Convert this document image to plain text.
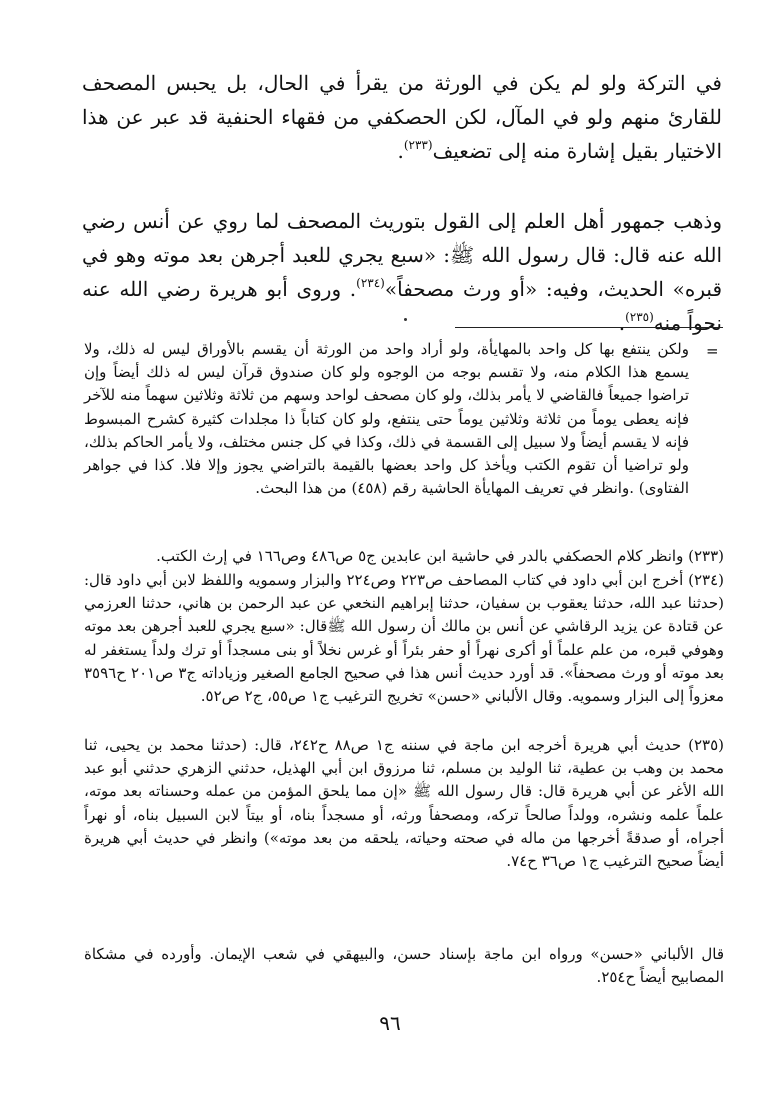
في التركة ولو لم يكن في الورثة من يقرأ في الحال، بل يحبس المصحف للقارئ منهم ولو في المآل، لكن الحصكفي من فقهاء الحنفية قد عبر عن هذا الاختيار بقيل إشارة منه إلى تضعيف$^{(٢٣٣)}$.
وذهب جمهور أهل العلم إلى القول بتوريث المصحف لما روي عن أنس رضي الله عنه قال: قال رسول الله ﷺ: «سبع يجري للعبد أجرهن بعد موته وهو في قبره» الحديث، وفيه: «أو ورث مصحفاً»$^{(٢٣٤)}$. وروى أبو هريرة رضي الله عنه نحواً منه$^{(٢٣٥)}$.
=
ولكن ينتفع بها كل واحد بالمهايأة، ولو أراد واحد من الورثة أن يقسم بالأوراق ليس له ذلك، ولا يسمع هذا الكلام منه، ولا تقسم بوجه من الوجوه ولو كان صندوق قرآن ليس له ذلك أيضاً وإن تراضوا جميعاً فالقاضي لا يأمر بذلك، ولو كان مصحف لواحد وسهم من ثلاثة وثلاثين سهماً منه للآخر فإنه يعطى يوماً من ثلاثة وثلاثين يوماً حتى ينتفع، ولو كان كتاباً ذا مجلدات كثيرة كشرح المبسوط فإنه لا يقسم أيضاً ولا سبيل إلى القسمة في ذلك، وكذا في كل جنس مختلف، ولا يأمر الحاكم بذلك، ولو تراضيا أن تقوم الكتب ويأخذ كل واحد بعضها بالقيمة بالتراضي يجوز وإلا فلا. كذا في جواهر الفتاوى) .وانظر في تعريف المهايأة الحاشية رقم (٤٥٨) من هذا البحث.
(٢٣٣) وانظر كلام الحصكفي بالدر في حاشية ابن عابدين ج٥ ص٤٨٦ وص١٦٦ في إرث الكتب.
(٢٣٤) أخرج ابن أبي داود في كتاب المصاحف ص٢٢٣ وص٢٢٤ والبزار وسمويه واللفظ لابن أبي داود قال: (حدثنا عبد الله، حدثنا يعقوب بن سفيان، حدثنا إبراهيم النخعي عن عبد الرحمن بن هاني، حدثنا العرزمي عن قتادة عن يزيد الرقاشي عن أنس بن مالك أن رسول الله ﷺقال: «سبع يجري للعبد أجرهن بعد موته وهوفي قبره، من علم علماً أو أكرى نهراً أو حفر بئراً أو غرس نخلاً أو بنى مسجداً أو ترك ولداً يستغفر له بعد موته أو ورث مصحفاً». قد أورد حديث أنس هذا في صحيح الجامع الصغير وزياداته ج٣ ص٢٠١ ح٣٥٩٦ معزواً إلى البزار وسمويه. وقال الألباني «حسن» تخريج الترغيب ج١ ص٥٥، ج٢ ص٥٢.
(٢٣٥) حديث أبي هريرة أخرجه ابن ماجة في سننه ج١ ص٨٨ ح٢٤٢، قال: (حدثنا محمد بن يحيى، ثنا محمد بن وهب بن عطية، ثنا الوليد بن مسلم، ثنا مرزوق ابن أبي الهذيل، حدثني الزهري حدثني أبو عبد الله الأغر عن أبي هريرة قال: قال رسول الله ﷺ «إن مما يلحق المؤمن من عمله وحسناته بعد موته، علماً علمه ونشره، وولداً صالحاً تركه، ومصحفاً ورثه، أو مسجداً بناه، أو بيتاً لابن السبيل بناه، أو نهراً أجراه، أو صدقةً أخرجها من ماله في صحته وحياته، يلحقه من بعد موته») وانظر في حديث أبي هريرة أيضاً صحيح الترغيب ج١ ص٣٦ ح٧٤.
قال الألباني «حسن» ورواه ابن ماجة بإسناد حسن، والبيهقي في شعب الإيمان. وأورده في مشكاة المصابيح أيضاً ح٢٥٤.
٩٦
